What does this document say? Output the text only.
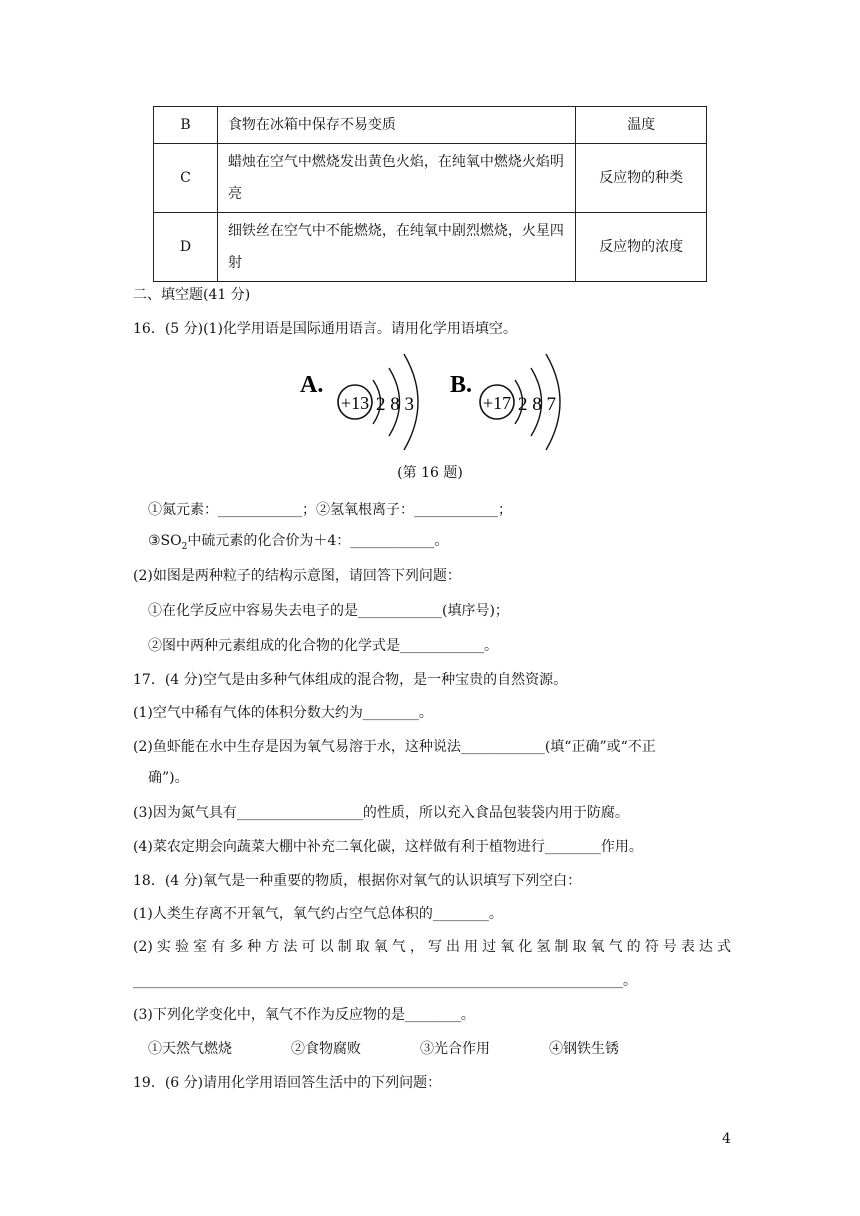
B	食物在冰箱中保存不易变质	温度
C	蜡烛在空气中燃烧发出黄色火焰，在纯氧中燃烧火焰明亮	反应物的种类
D	细铁丝在空气中不能燃烧，在纯氧中剧烈燃烧，火星四射	反应物的浓度
二、填空题(41 分)
16．(5 分)(1)化学用语是国际通用语言。请用化学用语填空。
A.
+13 2 8 3
B.
+17 2 8 7
(第 16 题)
①氮元素：____________；②氢氧根离子：____________；
$③SO_2$中硫元素的化合价为＋4：____________。
(2)如图是两种粒子的结构示意图，请回答下列问题：
①在化学反应中容易失去电子的是____________(填序号)；
②图中两种元素组成的化合物的化学式是____________。
17．(4 分)空气是由多种气体组成的混合物，是一种宝贵的自然资源。
(1)空气中稀有气体的体积分数大约为________。
(2)鱼虾能在水中生存是因为氧气易溶于水，这种说法____________(填“正确”或“不正
确”)。
(3)因为氮气具有__________________的性质，所以充入食品包装袋内用于防腐。
(4)菜农定期会向蔬菜大棚中补充二氧化碳，这样做有利于植物进行________作用。
18．(4 分)氧气是一种重要的物质，根据你对氧气的认识填写下列空白：
(1)人类生存离不开氧气，氧气约占空气总体积的________。
(2)实验室有多种方法可以制取氧气，写出用过氧化氢制取氧气的符号表达式
______________________________________________________________________。
(3)下列化学变化中，氧气不作为反应物的是________。
①天然气燃烧	②食物腐败	③光合作用	④钢铁生锈
19．(6 分)请用化学用语回答生活中的下列问题：
4
